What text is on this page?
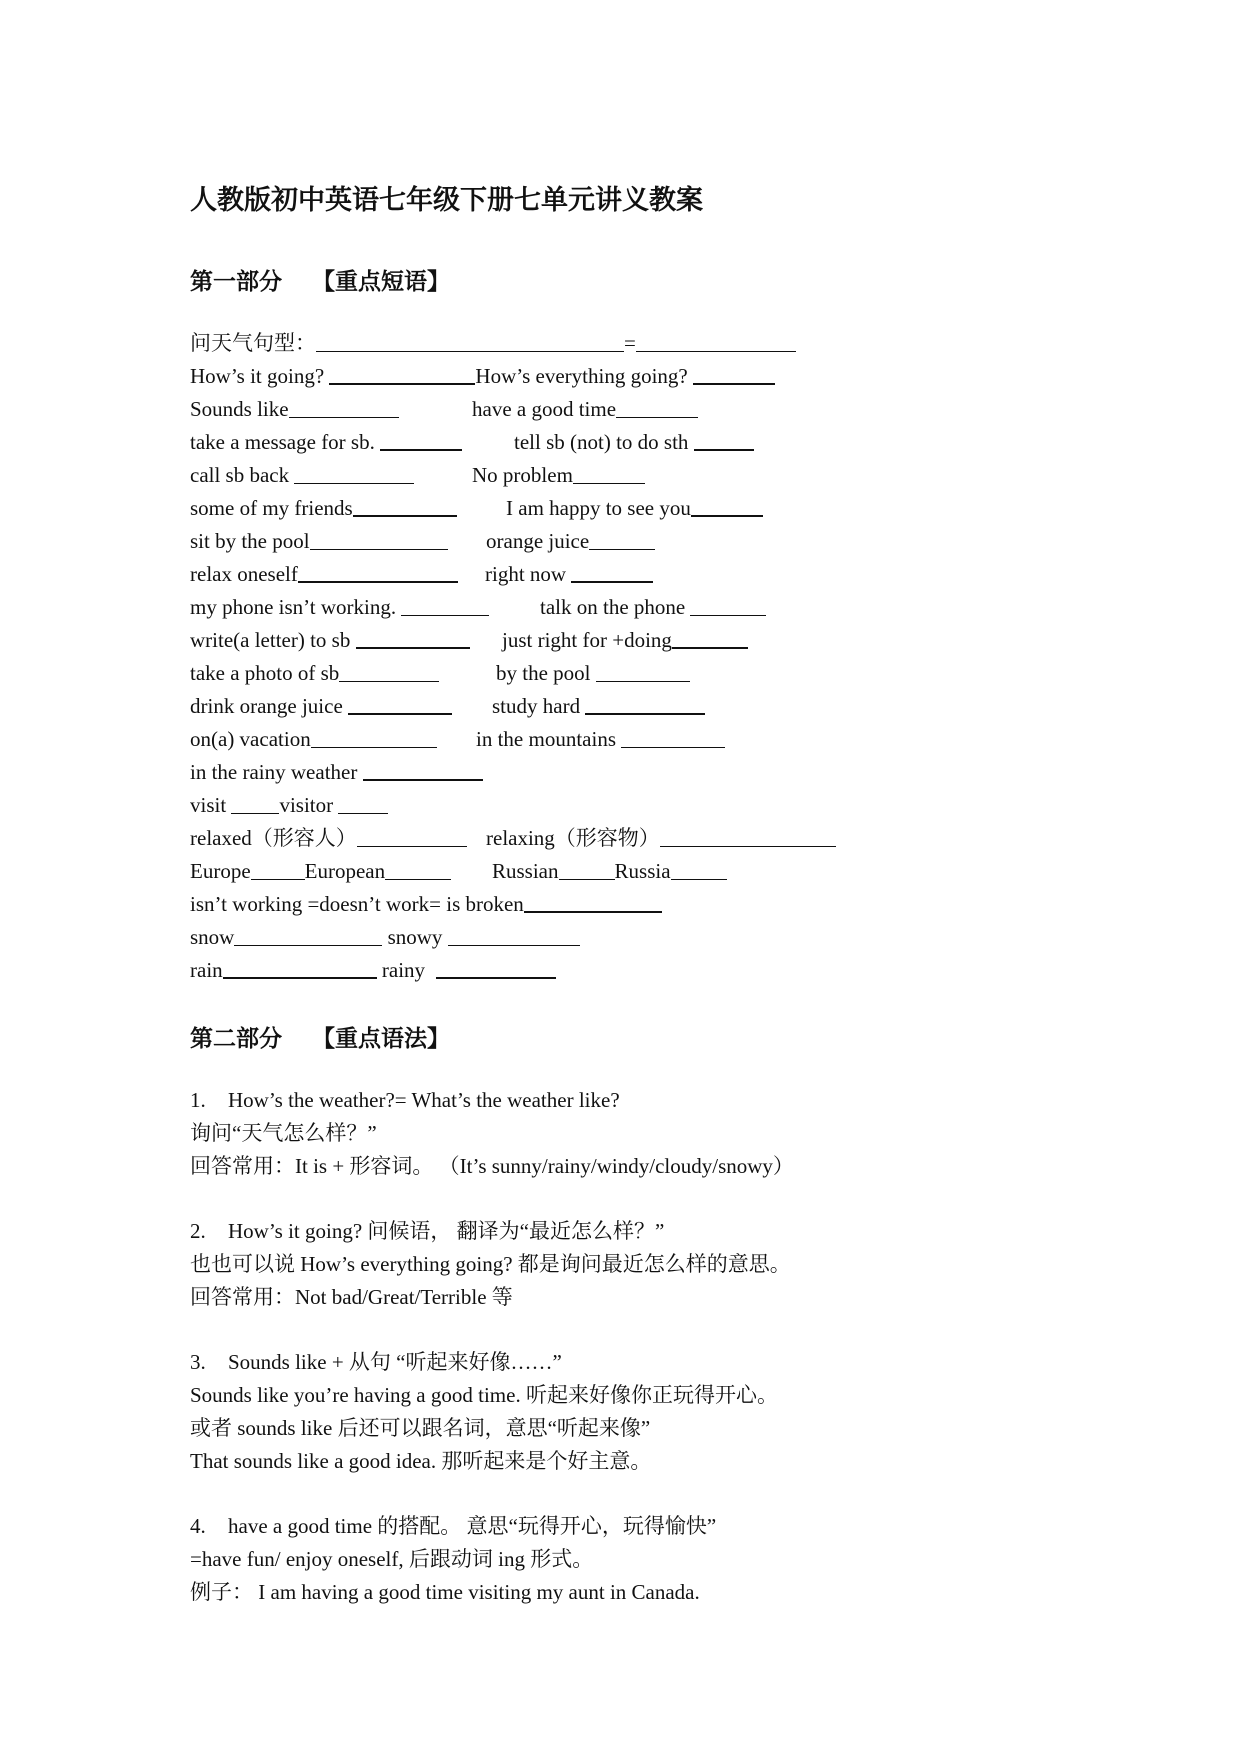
人教版初中英语七年级下册七单元讲义教案
第一部分 【重点短语】
问天气句型：	=
How’s it going?	How’s everything going?
Sounds like	have a good time
take a message for sb.	tell sb (not) to do sth
call sb back	No problem
some of my friends	I am happy to see you
sit by the pool	orange juice
relax oneself	right now
my phone isn’t working.	talk on the phone
write(a letter) to sb	just right for +doing
take a photo of sb	by the pool
drink orange juice	study hard
on(a) vacation	in the mountains
in the rainy weather
visit	visitor
relaxed（形容人）	relaxing（形容物）
Europe	European	Russian	Russia
isn’t working =doesn’t work= is broken
snow	snowy
rain	rainy
第二部分 【重点语法】
1. How’s the weather?= What’s the weather like?
询问“天气怎么样？”
回答常用：It is + 形容词。 （It’s sunny/rainy/windy/cloudy/snowy）
2. How’s it going? 问候语， 翻译为“最近怎么样？”
也也可以说 How’s everything going? 都是询问最近怎么样的意思。
回答常用：Not bad/Great/Terrible 等
3. Sounds like + 从句 “听起来好像……”
Sounds like you’re having a good time. 听起来好像你正玩得开心。
或者 sounds like 后还可以跟名词，意思“听起来像”
That sounds like a good idea. 那听起来是个好主意。
4. have a good time 的搭配。 意思“玩得开心，玩得愉快”
=have fun/ enjoy oneself, 后跟动词 ing 形式。
例子： I am having a good time visiting my aunt in Canada.
